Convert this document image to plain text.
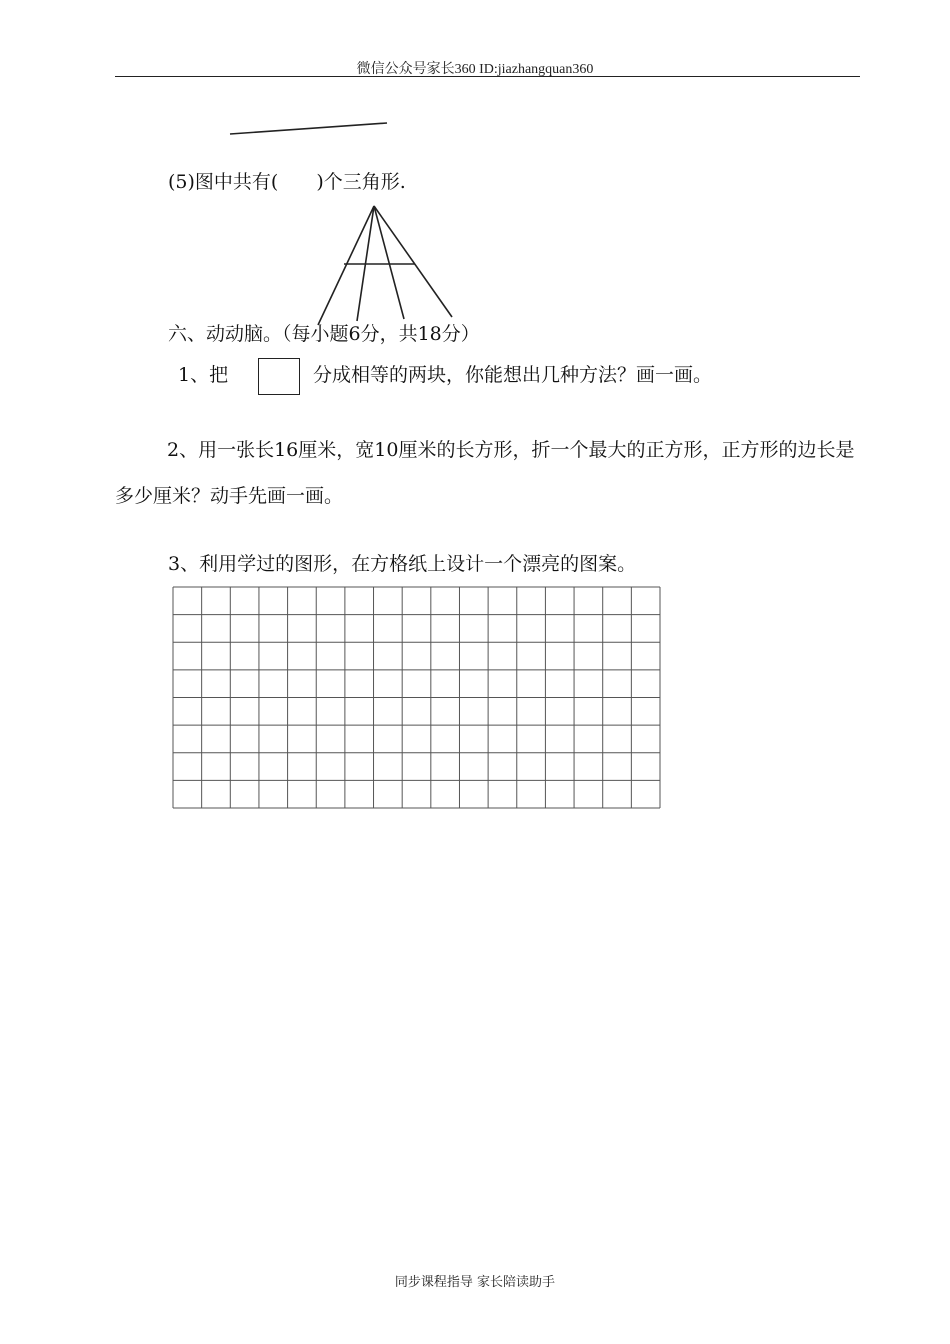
微信公众号家长360 ID:jiazhangquan360
(5)图中共有(　　)个三角形.
六、动动脑。（每小题6分，共18分）
1、把	分成相等的两块，你能想出几种方法？画一画。
2、用一张长16厘米，宽10厘米的长方形，折一个最大的正方形，正方形的边长是多少厘米？动手先画一画。
3、利用学过的图形，在方格纸上设计一个漂亮的图案。
同步课程指导 家长陪读助手
